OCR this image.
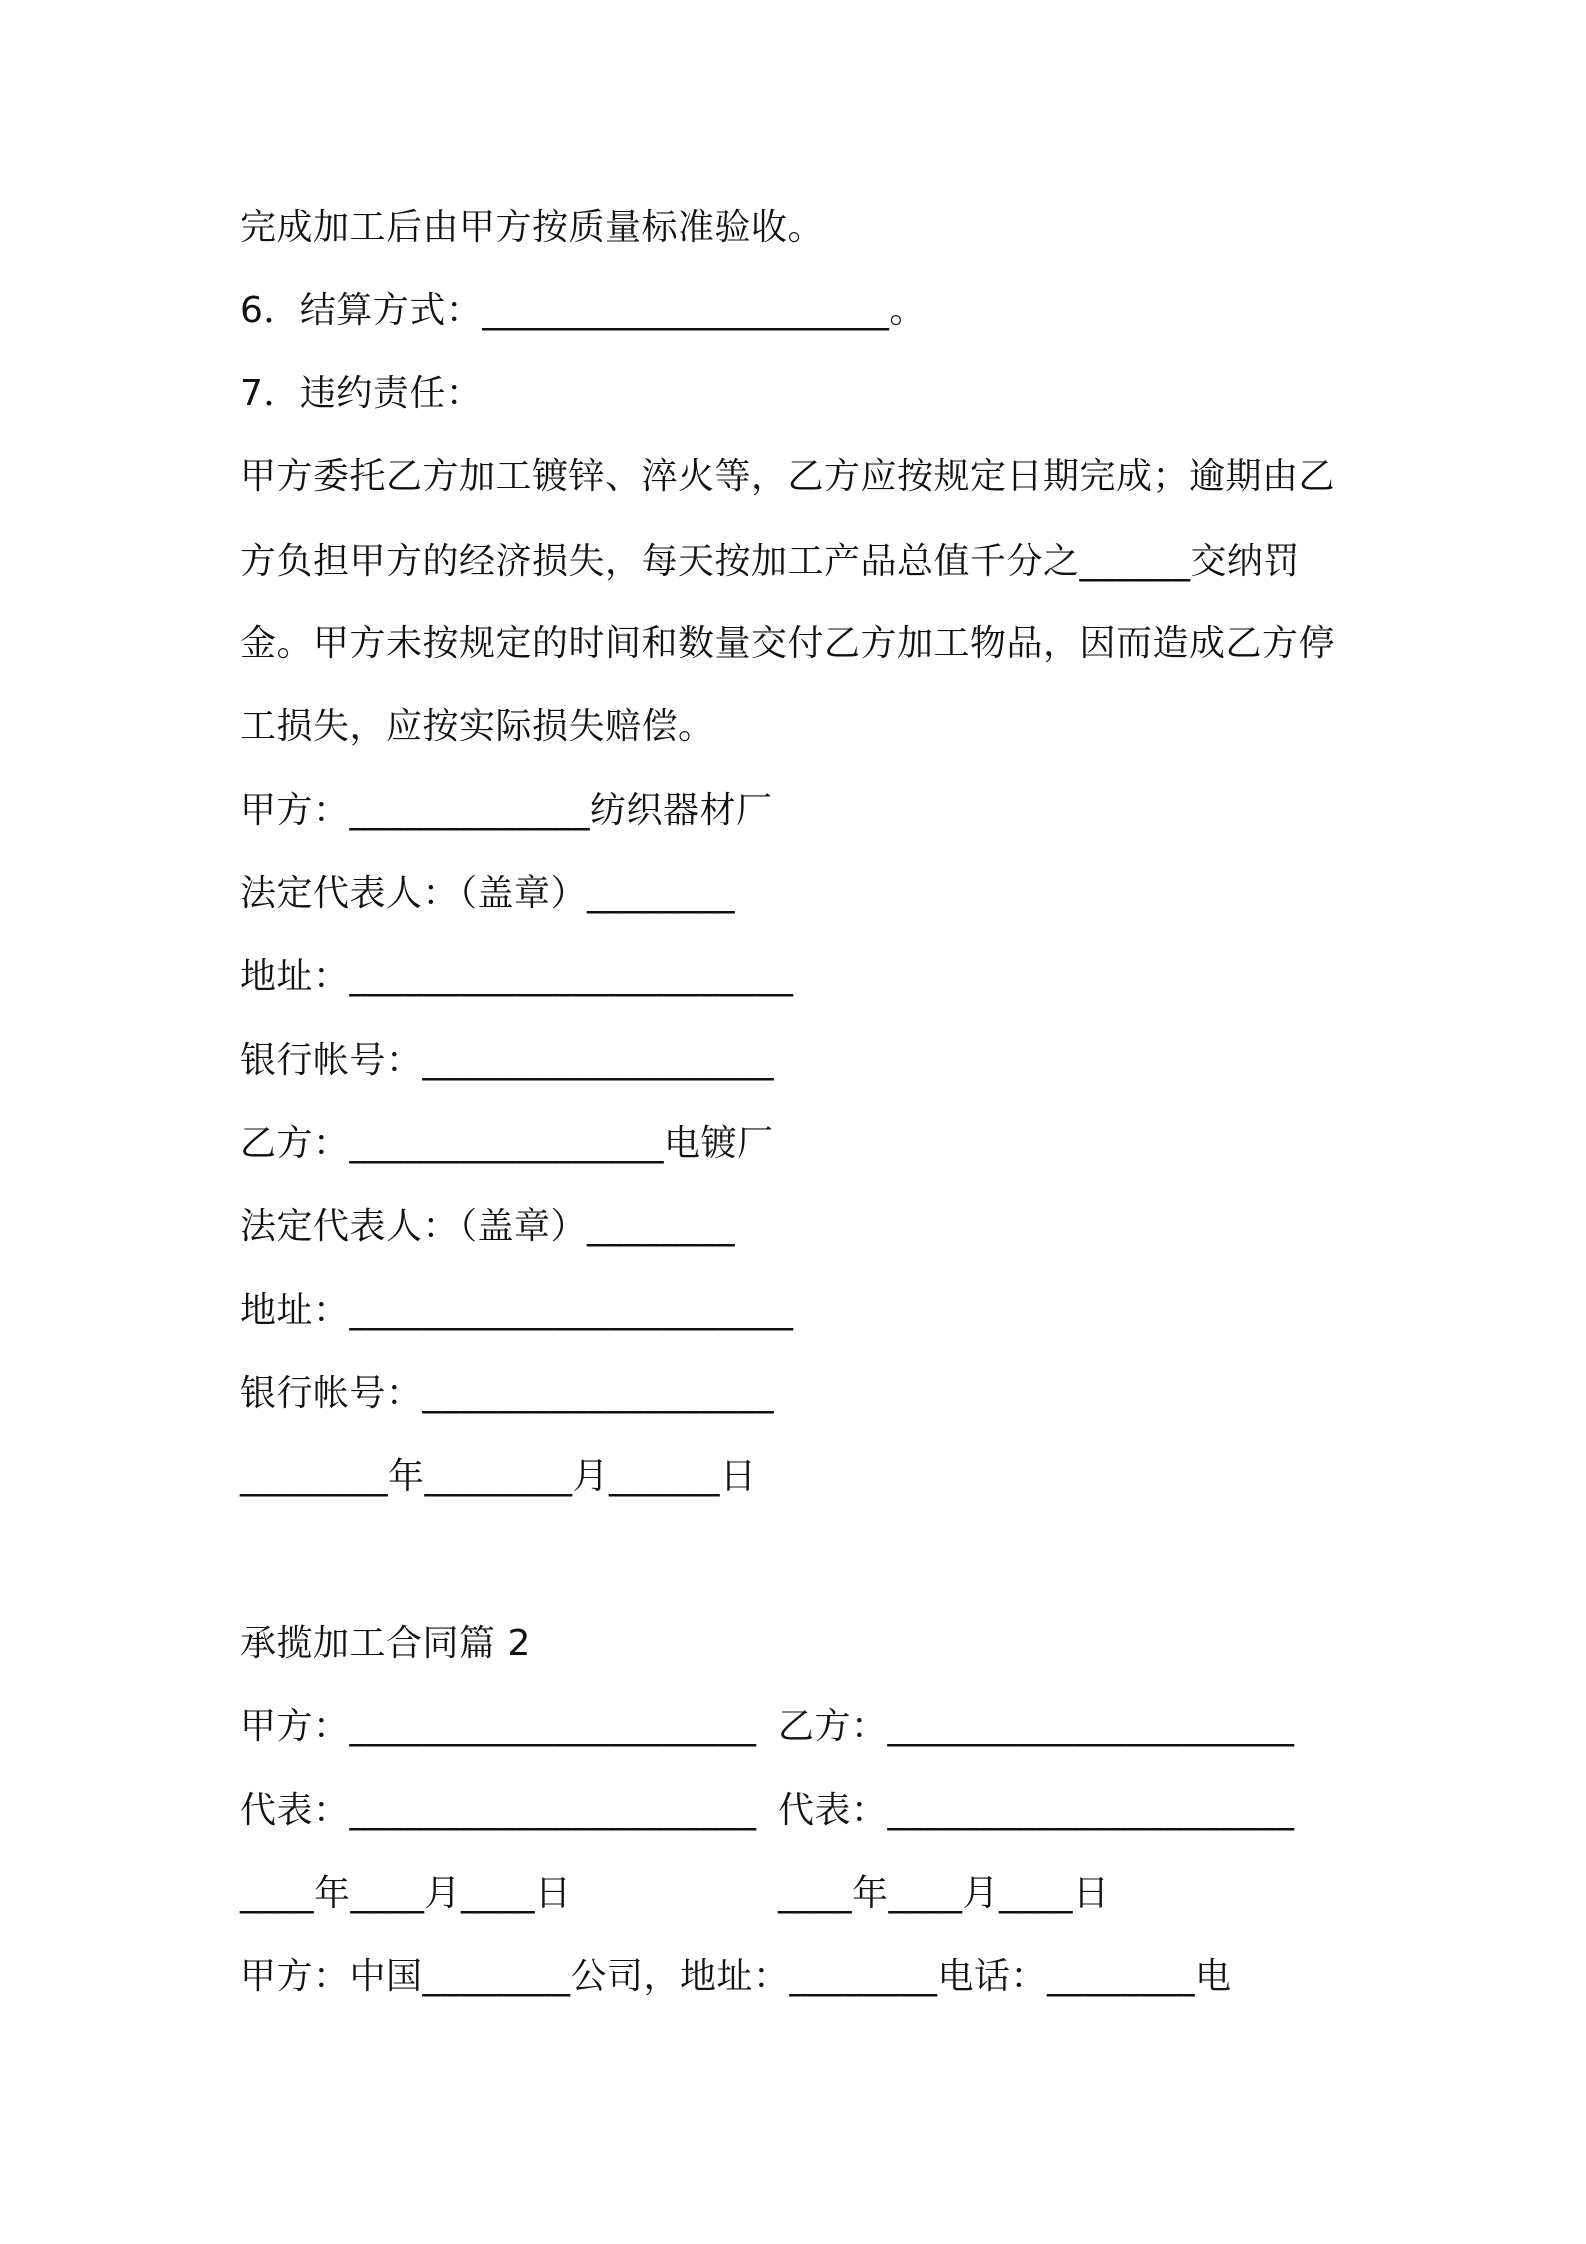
完成加工后由甲方按质量标准验收。
6．结算方式：______________________。
7．违约责任：
甲方委托乙方加工镀锌、淬火等，乙方应按规定日期完成；逾期由乙
方负担甲方的经济损失，每天按加工产品总值千分之______交纳罚
金。甲方未按规定的时间和数量交付乙方加工物品，因而造成乙方停
工损失，应按实际损失赔偿。
甲方：_____________纺织器材厂
法定代表人：（盖章）________
地址：________________________
银行帐号：___________________
乙方：_________________电镀厂
法定代表人：（盖章）________
地址：________________________
银行帐号：___________________
________年________月______日
承揽加工合同篇 2
甲方：______________________ 乙方：______________________
代表：______________________ 代表：______________________
____年____月____日	____年____月____日
甲方：中国________公司，地址：________电话：________电
